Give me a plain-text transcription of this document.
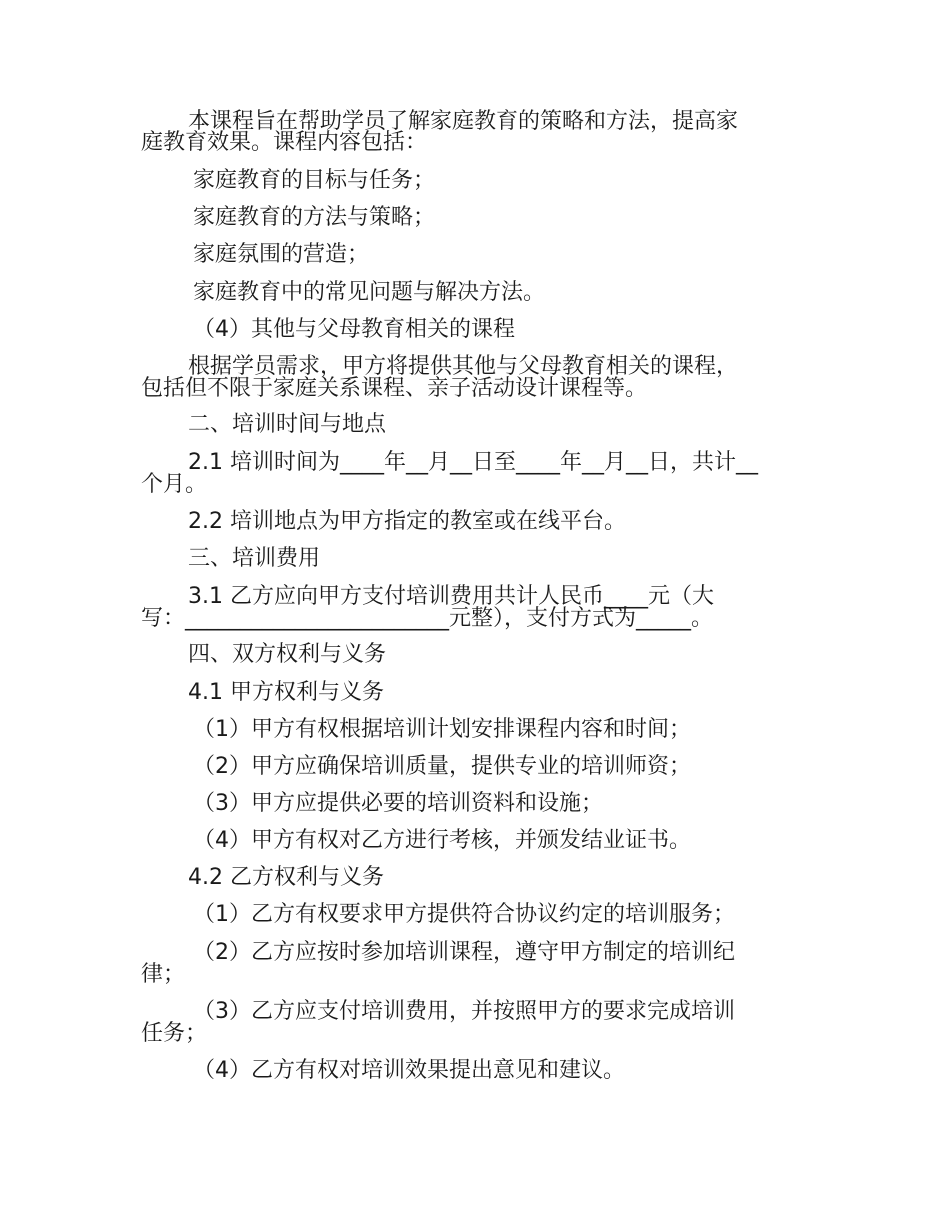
本课程旨在帮助学员了解家庭教育的策略和方法，提高家
庭教育效果。课程内容包括：
家庭教育的目标与任务；
家庭教育的方法与策略；
家庭氛围的营造；
家庭教育中的常见问题与解决方法。
（4）其他与父母教育相关的课程
根据学员需求，甲方将提供其他与父母教育相关的课程，
包括但不限于家庭关系课程、亲子活动设计课程等。
二、培训时间与地点
2.1 培训时间为____年__月__日至____年__月__日，共计__
个月。
2.2 培训地点为甲方指定的教室或在线平台。
三、培训费用
3.1 乙方应向甲方支付培训费用共计人民币____元（大
写：________________________元整），支付方式为_____。
四、双方权利与义务
4.1 甲方权利与义务
（1）甲方有权根据培训计划安排课程内容和时间；
（2）甲方应确保培训质量，提供专业的培训师资；
（3）甲方应提供必要的培训资料和设施；
（4）甲方有权对乙方进行考核，并颁发结业证书。
4.2 乙方权利与义务
（1）乙方有权要求甲方提供符合协议约定的培训服务；
（2）乙方应按时参加培训课程，遵守甲方制定的培训纪
律；
（3）乙方应支付培训费用，并按照甲方的要求完成培训
任务；
（4）乙方有权对培训效果提出意见和建议。
